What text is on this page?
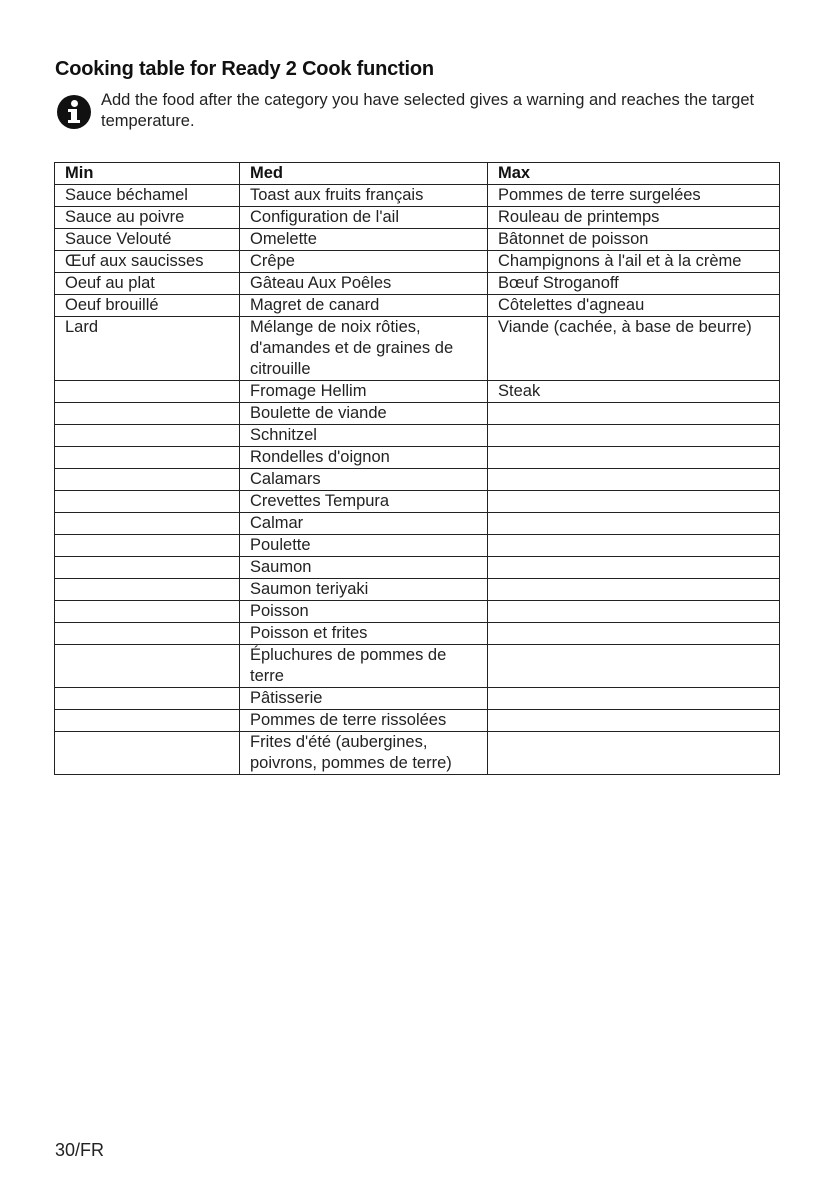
Cooking table for Ready 2 Cook function

Add the food after the category you have selected gives a warning and reaches the target temperature.

Min	Med	Max
Sauce béchamel	Toast aux fruits français	Pommes de terre surgelées
Sauce au poivre	Configuration de l'ail	Rouleau de printemps
Sauce Velouté	Omelette	Bâtonnet de poisson
Œuf aux saucisses	Crêpe	Champignons à l'ail et à la crème
Oeuf au plat	Gâteau Aux Poêles	Bœuf Stroganoff
Oeuf brouillé	Magret de canard	Côtelettes d'agneau
Lard	Mélange de noix rôties, d'amandes et de graines de citrouille	Viande (cachée, à base de beurre)
	Fromage Hellim	Steak
	Boulette de viande	
	Schnitzel	
	Rondelles d'oignon	
	Calamars	
	Crevettes Tempura	
	Calmar	
	Poulette	
	Saumon	
	Saumon teriyaki	
	Poisson	
	Poisson et frites	
	Épluchures de pommes de terre	
	Pâtisserie	
	Pommes de terre rissolées	
	Frites d'été (aubergines, poivrons, pommes de terre)	
30/FR
